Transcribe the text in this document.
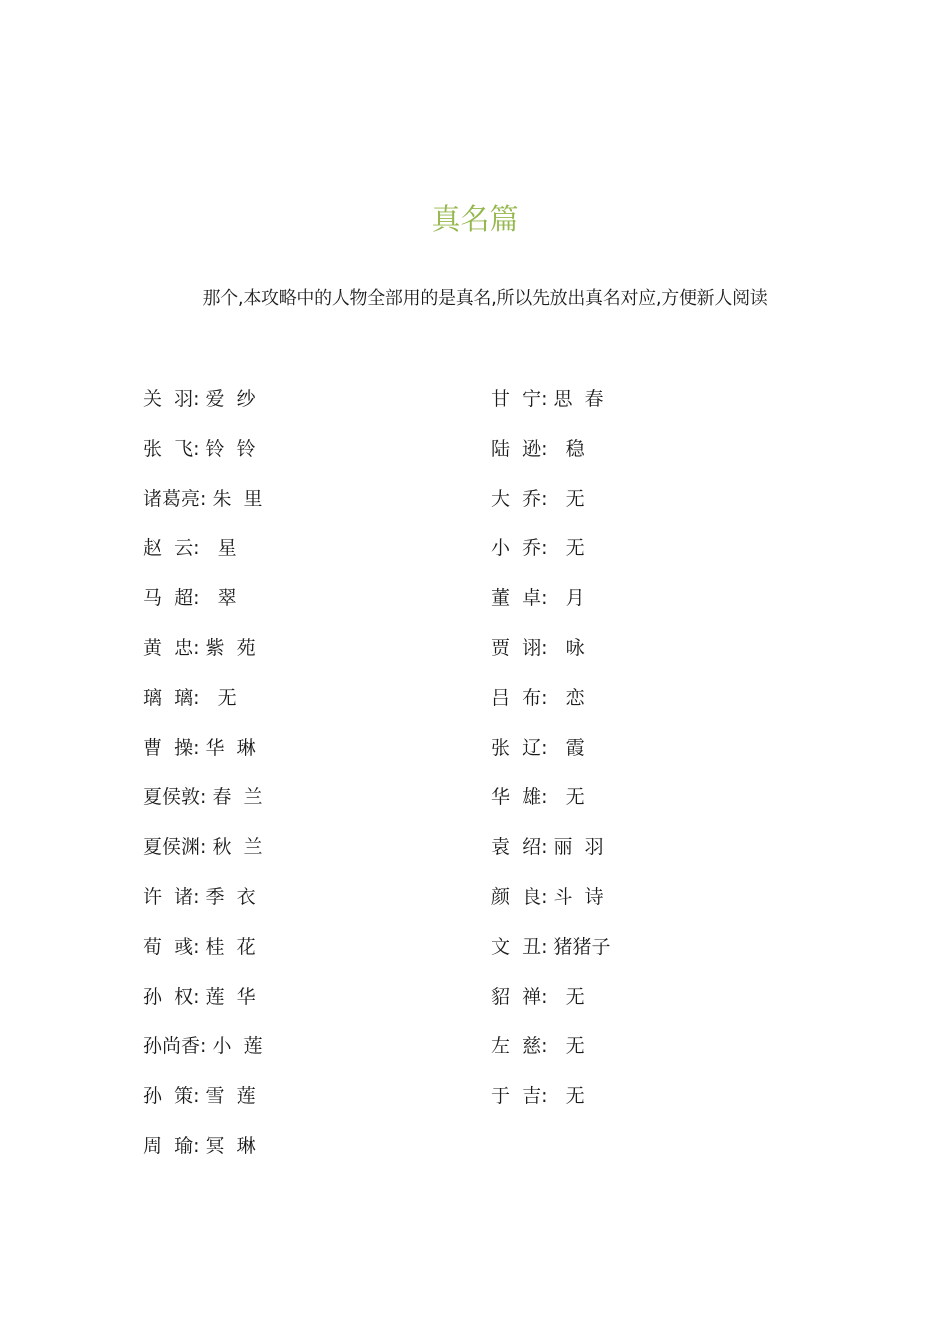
真名篇

那个,本攻略中的人物全部用的是真名,所以先放出真名对应,方便新人阅读

关  羽: 爱  纱
张  飞: 铃  铃
诸葛亮: 朱  里
赵  云:   星
马  超:   翠
黄  忠: 紫  苑
璃  璃:   无
曹  操: 华  琳
夏侯敦: 春  兰
夏侯渊: 秋  兰
许  诸: 季  衣
荀  彧: 桂  花
孙  权: 莲  华
孙尚香: 小  莲
孙  策: 雪  莲
周  瑜: 冥  琳
甘  宁: 思  春
陆  逊:   稳
大  乔:   无
小  乔:   无
董  卓:   月
贾  诩:   咏
吕  布:   恋
张  辽:   霞
华  雄:   无
袁  绍: 丽  羽
颜  良: 斗  诗
文  丑: 猪猪子
貂  禅:   无
左  慈:   无
于  吉:   无
